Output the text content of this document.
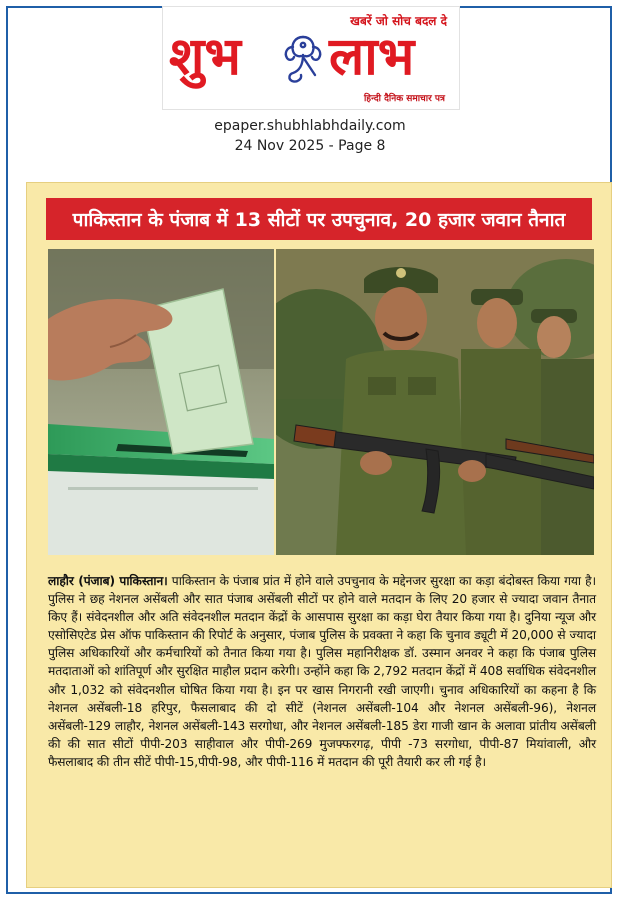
खबरें जो सोच बदल दे
शुभ लाभ
हिन्दी दैनिक समाचार पत्र
epaper.shubhlabhdaily.com
24 Nov 2025 - Page 8
पाकिस्तान के पंजाब में 13 सीटों पर उपचुनाव, 20 हजार जवान तैनात
लाहौर (पंजाब) पाकिस्तान। पाकिस्तान के पंजाब प्रांत में होने वाले उपचुनाव के मद्देनजर सुरक्षा का कड़ा बंदोबस्त किया गया है। पुलिस ने छह नेशनल असेंबली और सात पंजाब असेंबली सीटों पर होने वाले मतदान के लिए 20 हजार से ज्यादा जवान तैनात किए हैं। संवेदनशील और अति संवेदनशील मतदान केंद्रों के आसपास सुरक्षा का कड़ा घेरा तैयार किया गया है। दुनिया न्यूज और एसोसिएटेड प्रेस ऑफ पाकिस्तान की रिपोर्ट के अनुसार, पंजाब पुलिस के प्रवक्ता ने कहा कि चुनाव ड्यूटी में 20,000 से ज्यादा पुलिस अधिकारियों और कर्मचारियों को तैनात किया गया है। पुलिस महानिरीक्षक डॉ. उस्मान अनवर ने कहा कि पंजाब पुलिस मतदाताओं को शांतिपूर्ण और सुरक्षित माहौल प्रदान करेगी। उन्होंने कहा कि 2,792 मतदान केंद्रों में 408 सर्वाधिक संवेदनशील और 1,032 को संवेदनशील घोषित किया गया है। इन पर खास निगरानी रखी जाएगी। चुनाव अधिकारियों का कहना है कि नेशनल असेंबली-18 हरिपुर, फैसलाबाद की दो सीटें (नेशनल असेंबली-104 और नेशनल असेंबली-96), नेशनल असेंबली-129 लाहौर, नेशनल असेंबली-143 सरगोधा, और नेशनल असेंबली-185 डेरा गाजी खान के अलावा प्रांतीय असेंबली की की सात सीटों पीपी-203 साहीवाल और पीपी-269 मुजफ्फरगढ़, पीपी -73 सरगोधा, पीपी-87 मियांवाली, और फैसलाबाद की तीन सीटें पीपी-15,पीपी-98, और पीपी-116 में मतदान की पूरी तैयारी कर ली गई है।
